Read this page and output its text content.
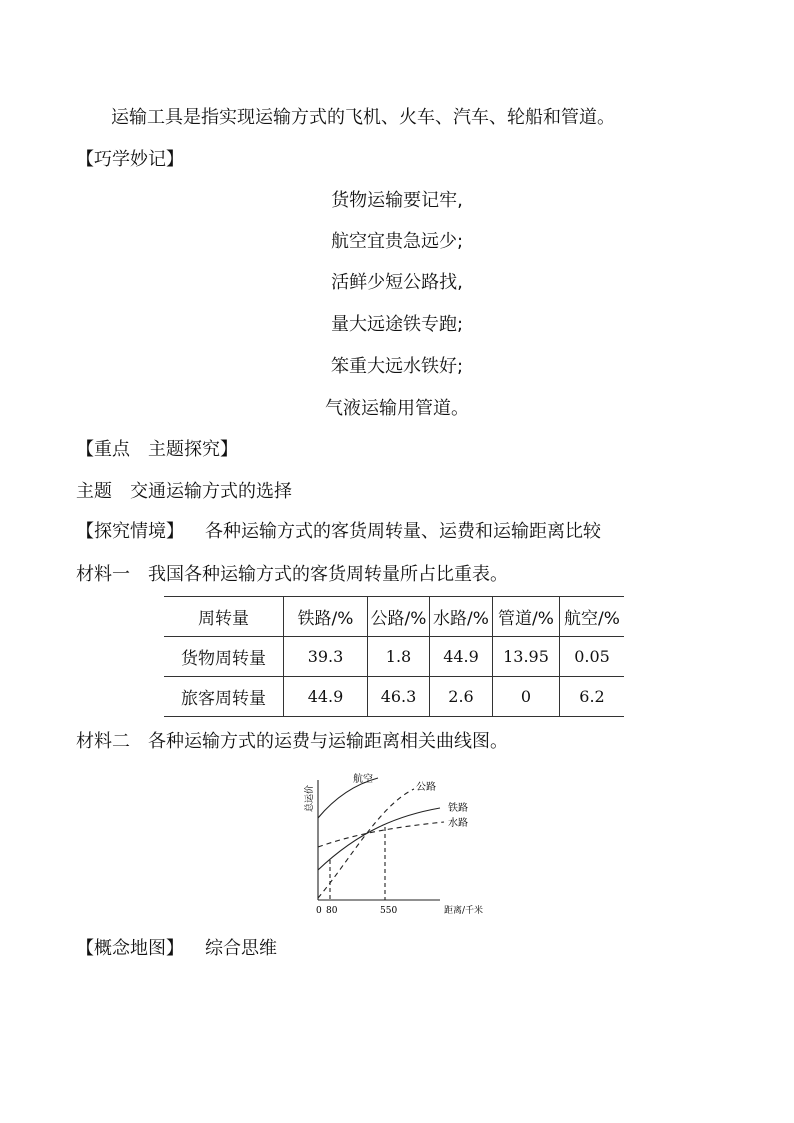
运输工具是指实现运输方式的飞机、火车、汽车、轮船和管道。
【巧学妙记】
货物运输要记牢,
航空宜贵急远少;
活鲜少短公路找,
量大远途铁专跑;
笨重大远水铁好;
气液运输用管道。
【重点　主题探究】
主题　交通运输方式的选择
【探究情境】 各种运输方式的客货周转量、运费和运输距离比较
材料一　我国各种运输方式的客货周转量所占比重表。
周转量	铁路/%	公路/%	水路/%	管道/%	航空/%
货物周转量	39.3	1.8	44.9	13.95	0.05
旅客周转量	44.9	46.3	2.6	0	6.2
材料二　各种运输方式的运费与运输距离相关曲线图。
总运价
航空
公路
铁路
水路
0 80	550	距离/千米
【概念地图】 综合思维
